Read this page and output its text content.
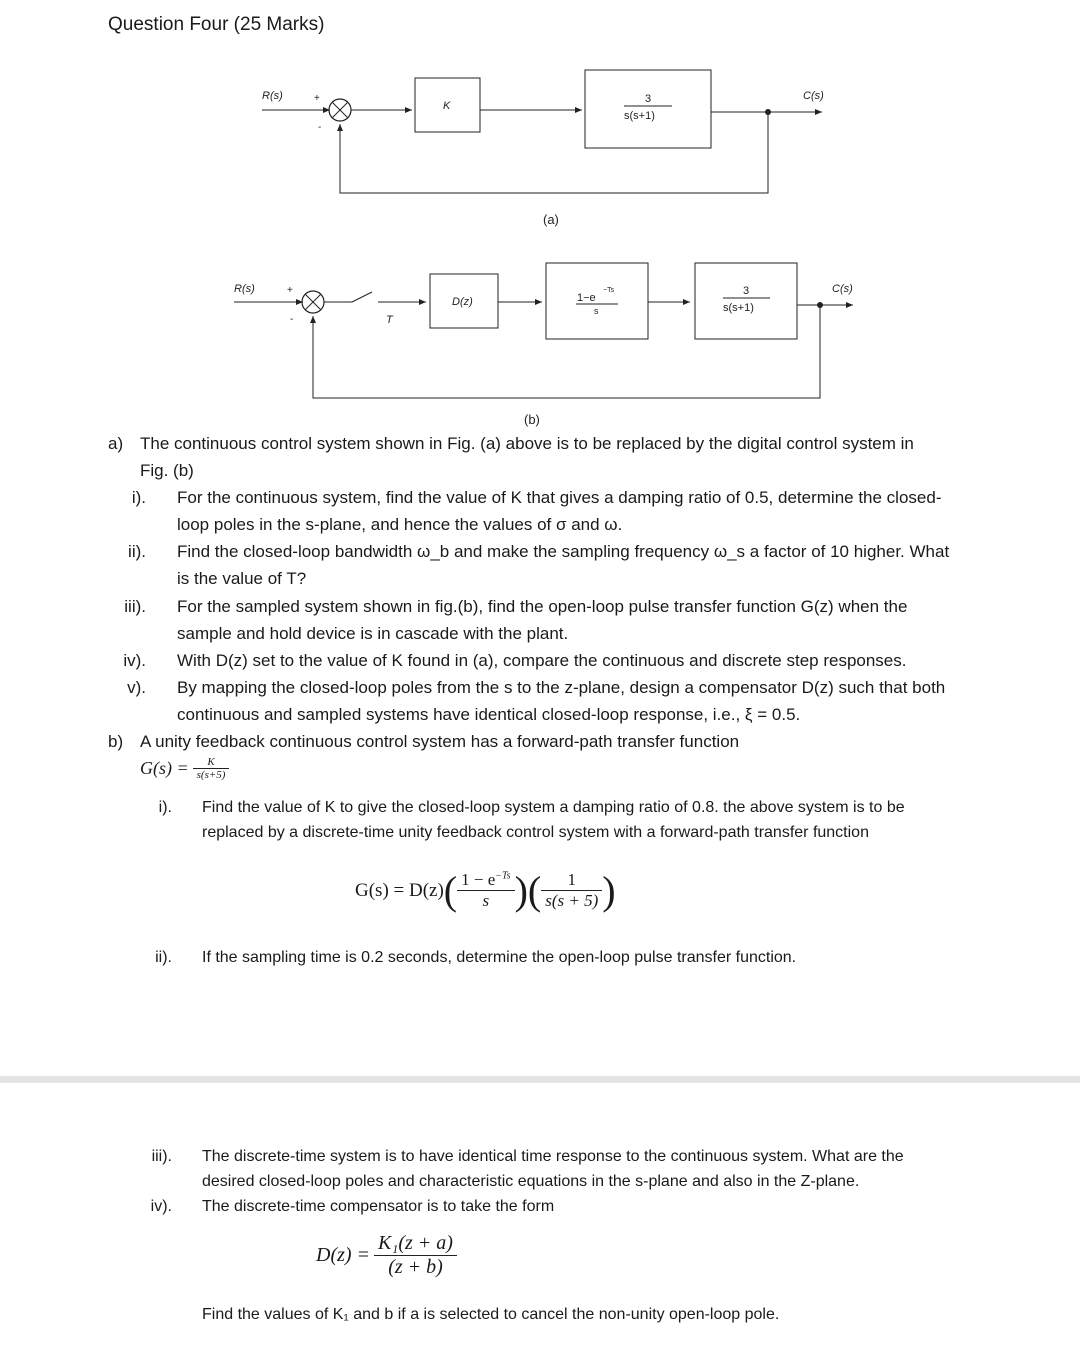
Question Four (25 Marks)
R(s)	+
-
K
3
s(s+1)
C(s)
(a)
R(s)	+
-	T
D(z)	1−e
−Ts
s
3
s(s+1)
C(s)
(b)
a) The continuous control system shown in Fig. (a) above is to be replaced by the digital control system in
Fig. (b)
i). For the continuous system, find the value of K that gives a damping ratio of 0.5, determine the closed-
loop poles in the s-plane, and hence the values of σ and ω.
ii). Find the closed-loop bandwidth ω_b and make the sampling frequency ω_s a factor of 10 higher. What
is the value of T?
iii). For the sampled system shown in fig.(b), find the open-loop pulse transfer function G(z) when the
sample and hold device is in cascade with the plant.
iv). With D(z) set to the value of K found in (a), compare the continuous and discrete step responses.
v). By mapping the closed-loop poles from the s to the z-plane, design a compensator D(z) such that both
continuous and sampled systems have identical closed-loop response, i.e., ξ = 0.5.
b) A unity feedback continuous control system has a forward-path transfer function
$G(s) = \frac{K}{s(s+5)}$
i). Find the value of K to give the closed-loop system a damping ratio of 0.8. the above system is to be
replaced by a discrete-time unity feedback control system with a forward-path transfer function
G(s) = D(z) ( $\frac{1 - e^{-Ts}}{s}$ ) ( $\frac{1}{s(s + 5)}$ )
ii). If the sampling time is 0.2 seconds, determine the open-loop pulse transfer function.
iii). The discrete-time system is to have identical time response to the continuous system. What are the
desired closed-loop poles and characteristic equations in the s-plane and also in the Z-plane.
iv). The discrete-time compensator is to take the form
$D(z) = \frac{\text{K₁(z + a)}}{(z + b)}$
Find the values of K₁ and b if a is selected to cancel the non-unity open-loop pole.
